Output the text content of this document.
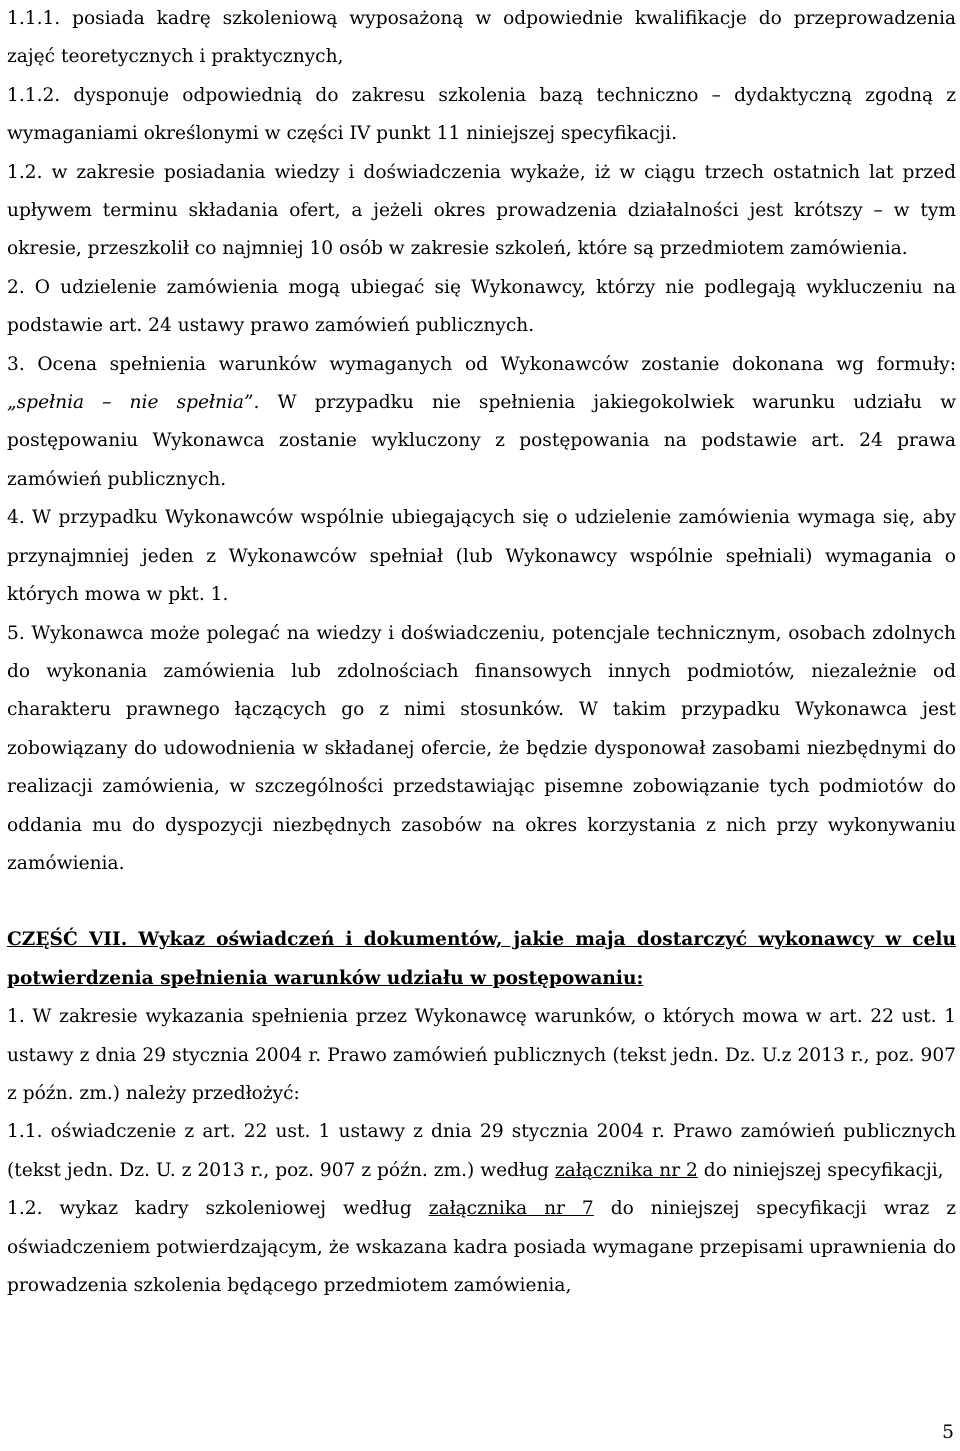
1.1.1. posiada kadrę szkoleniową wyposażoną w odpowiednie kwalifikacje do przeprowadzenia zajęć teoretycznych i praktycznych,

1.1.2. dysponuje odpowiednią do zakresu szkolenia bazą techniczno – dydaktyczną zgodną z wymaganiami określonymi w części IV punkt 11 niniejszej specyfikacji.

1.2. w zakresie posiadania wiedzy i doświadczenia wykaże, iż w ciągu trzech ostatnich lat przed upływem terminu składania ofert, a jeżeli okres prowadzenia działalności jest krótszy – w tym okresie, przeszkolił co najmniej 10 osób w zakresie szkoleń, które są przedmiotem zamówienia.

2. O udzielenie zamówienia mogą ubiegać się Wykonawcy, którzy nie podlegają wykluczeniu na podstawie art. 24 ustawy prawo zamówień publicznych.

3. Ocena spełnienia warunków wymaganych od Wykonawców zostanie dokonana wg formuły: „spełnia – nie spełnia”. W przypadku nie spełnienia jakiegokolwiek warunku udziału w postępowaniu Wykonawca zostanie wykluczony z postępowania na podstawie art. 24 prawa zamówień publicznych.

4. W przypadku Wykonawców wspólnie ubiegających się o udzielenie zamówienia wymaga się, aby przynajmniej jeden z Wykonawców spełniał (lub Wykonawcy wspólnie spełniali) wymagania o których mowa w pkt. 1.

5. Wykonawca może polegać na wiedzy i doświadczeniu, potencjale technicznym, osobach zdolnych do wykonania zamówienia lub zdolnościach finansowych innych podmiotów, niezależnie od charakteru prawnego łączących go z nimi stosunków. W takim przypadku Wykonawca jest zobowiązany do udowodnienia w składanej ofercie, że będzie dysponował zasobami niezbędnymi do realizacji zamówienia, w szczególności przedstawiając pisemne zobowiązanie tych podmiotów do oddania mu do dyspozycji niezbędnych zasobów na okres korzystania z nich przy wykonywaniu zamówienia.

CZĘŚĆ VII. Wykaz oświadczeń i dokumentów, jakie maja dostarczyć wykonawcy w celu potwierdzenia spełnienia warunków udziału w postępowaniu:

1. W zakresie wykazania spełnienia przez Wykonawcę warunków, o których mowa w art. 22 ust. 1 ustawy z dnia 29 stycznia 2004 r. Prawo zamówień publicznych (tekst jedn. Dz. U.z 2013 r., poz. 907 z późn. zm.) należy przedłożyć:

1.1. oświadczenie z art. 22 ust. 1 ustawy z dnia 29 stycznia 2004 r. Prawo zamówień publicznych (tekst jedn. Dz. U. z 2013 r., poz. 907 z późn. zm.) według załącznika nr 2 do niniejszej specyfikacji,

1.2. wykaz kadry szkoleniowej według załącznika nr 7 do niniejszej specyfikacji wraz z oświadczeniem potwierdzającym, że wskazana kadra posiada wymagane przepisami uprawnienia do prowadzenia szkolenia będącego przedmiotem zamówienia,

5
